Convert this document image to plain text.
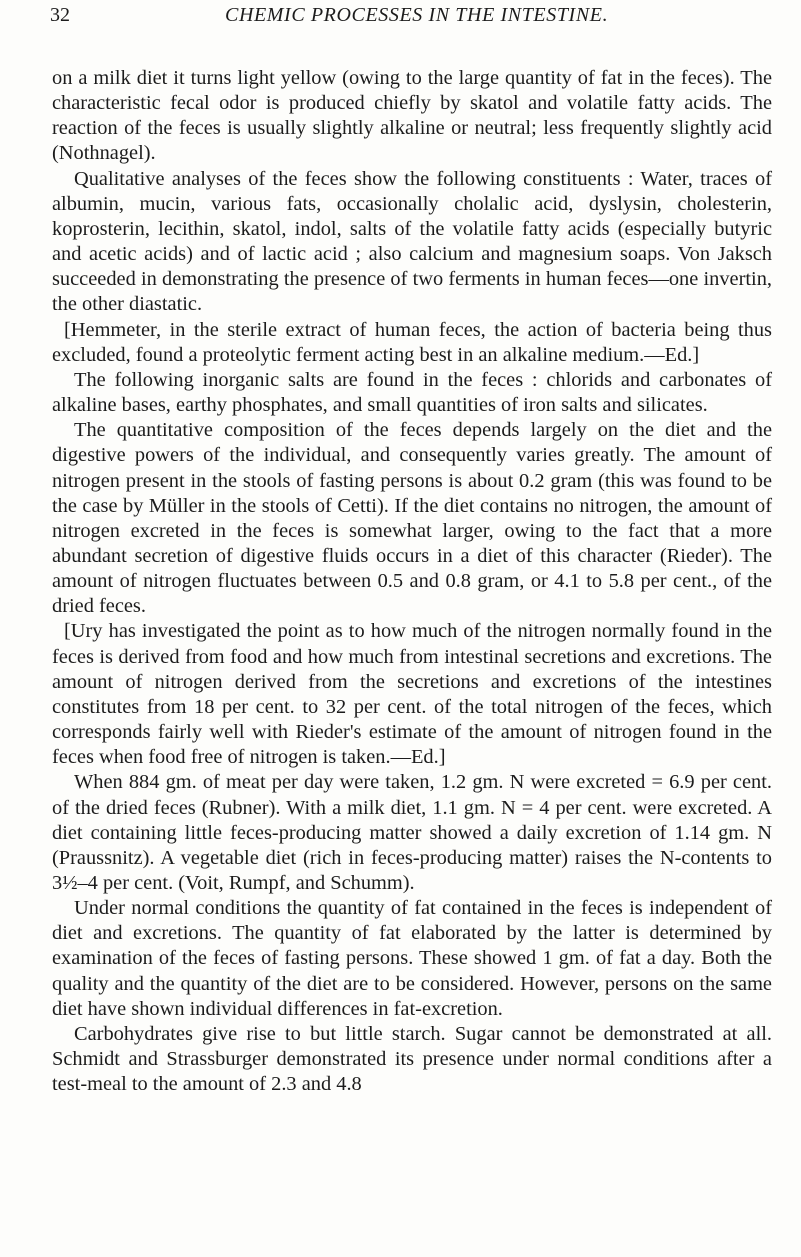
32	CHEMIC PROCESSES IN THE INTESTINE.

on a milk diet it turns light yellow (owing to the large quantity of fat in the feces). The characteristic fecal odor is produced chiefly by skatol and volatile fatty acids. The reaction of the feces is usually slightly alkaline or neutral; less frequently slightly acid (Nothnagel).

Qualitative analyses of the feces show the following constituents : Water, traces of albumin, mucin, various fats, occasionally cholalic acid, dyslysin, cholesterin, koprosterin, lecithin, skatol, indol, salts of the volatile fatty acids (especially butyric and acetic acids) and of lactic acid ; also calcium and magnesium soaps. Von Jaksch succeeded in demonstrating the presence of two ferments in human feces—one invertin, the other diastatic.

[Hemmeter, in the sterile extract of human feces, the action of bacteria being thus excluded, found a proteolytic ferment acting best in an alkaline medium.—Ed.]

The following inorganic salts are found in the feces : chlorids and carbonates of alkaline bases, earthy phosphates, and small quantities of iron salts and silicates.

The quantitative composition of the feces depends largely on the diet and the digestive powers of the individual, and consequently varies greatly. The amount of nitrogen present in the stools of fasting persons is about 0.2 gram (this was found to be the case by Müller in the stools of Cetti). If the diet contains no nitrogen, the amount of nitrogen excreted in the feces is somewhat larger, owing to the fact that a more abundant secretion of digestive fluids occurs in a diet of this character (Rieder). The amount of nitrogen fluctuates between 0.5 and 0.8 gram, or 4.1 to 5.8 per cent., of the dried feces.

[Ury has investigated the point as to how much of the nitrogen normally found in the feces is derived from food and how much from intestinal secretions and excretions. The amount of nitrogen derived from the secretions and excretions of the intestines constitutes from 18 per cent. to 32 per cent. of the total nitrogen of the feces, which corresponds fairly well with Rieder's estimate of the amount of nitrogen found in the feces when food free of nitrogen is taken.—Ed.]

When 884 gm. of meat per day were taken, 1.2 gm. N were excreted = 6.9 per cent. of the dried feces (Rubner). With a milk diet, 1.1 gm. N = 4 per cent. were excreted. A diet containing little feces-producing matter showed a daily excretion of 1.14 gm. N (Praussnitz). A vegetable diet (rich in feces-producing matter) raises the N-contents to 3½–4 per cent. (Voit, Rumpf, and Schumm).

Under normal conditions the quantity of fat contained in the feces is independent of diet and excretions. The quantity of fat elaborated by the latter is determined by examination of the feces of fasting persons. These showed 1 gm. of fat a day. Both the quality and the quantity of the diet are to be considered. However, persons on the same diet have shown individual differences in fat-excretion.

Carbohydrates give rise to but little starch. Sugar cannot be demonstrated at all. Schmidt and Strassburger demonstrated its presence under normal conditions after a test-meal to the amount of 2.3 and 4.8
